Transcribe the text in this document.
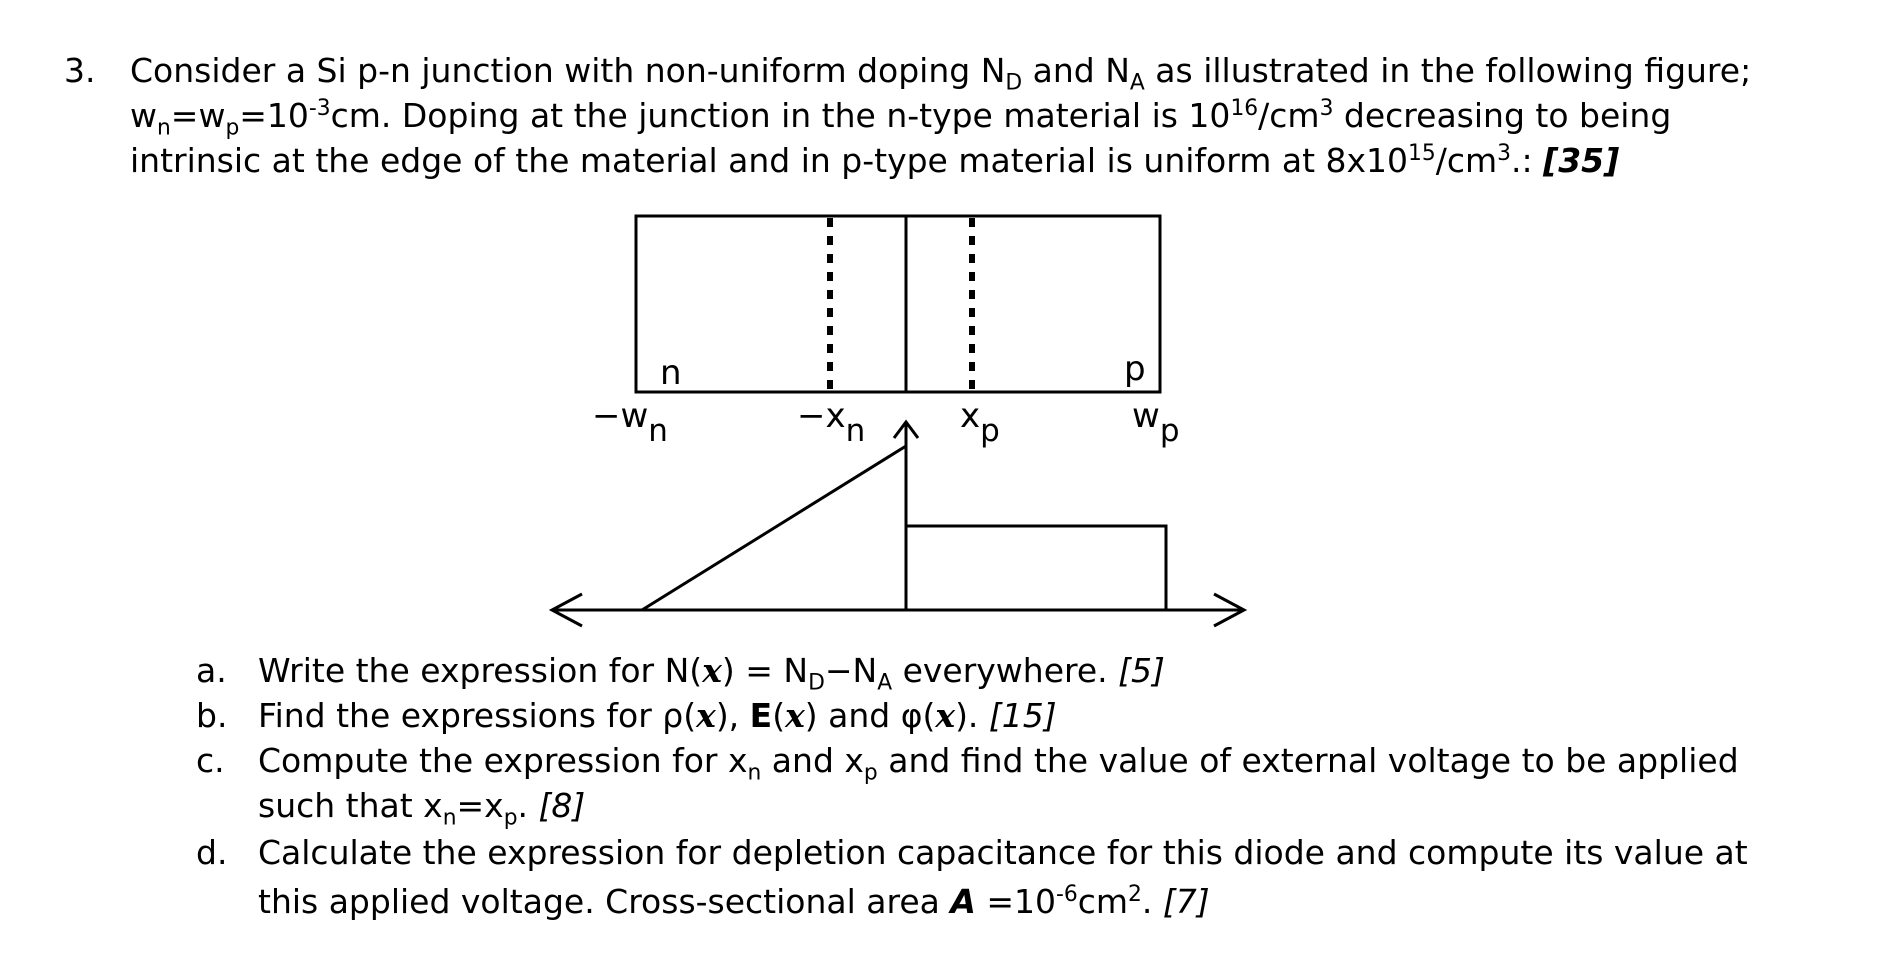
3. Consider a Si p-n junction with non-uniform doping $N_D$ and $N_A$ as illustrated in the following figure;
$w_n=w_p=10^{-3}cm$. Doping at the junction in the n-type material is $10^{16}/cm^3$ decreasing to being
intrinsic at the edge of the material and in p-type material is uniform at $8x10^{15}/cm^3$.: [35]
n	p
−wn	−xn	xp	wp
a. Write the expression for $N(x) = N_D-N_A$ everywhere. [5]
b. Find the expressions for ρ(x), E(x) and φ(x). [15]
c. Compute the expression for $x_n$ and $x_p$ and find the value of external voltage to be applied
such that $x_n=x_p$. [8]
d. Calculate the expression for depletion capacitance for this diode and compute its value at

this applied voltage. Cross-sectional area $A =10^{-6}cm^2$. [7]
